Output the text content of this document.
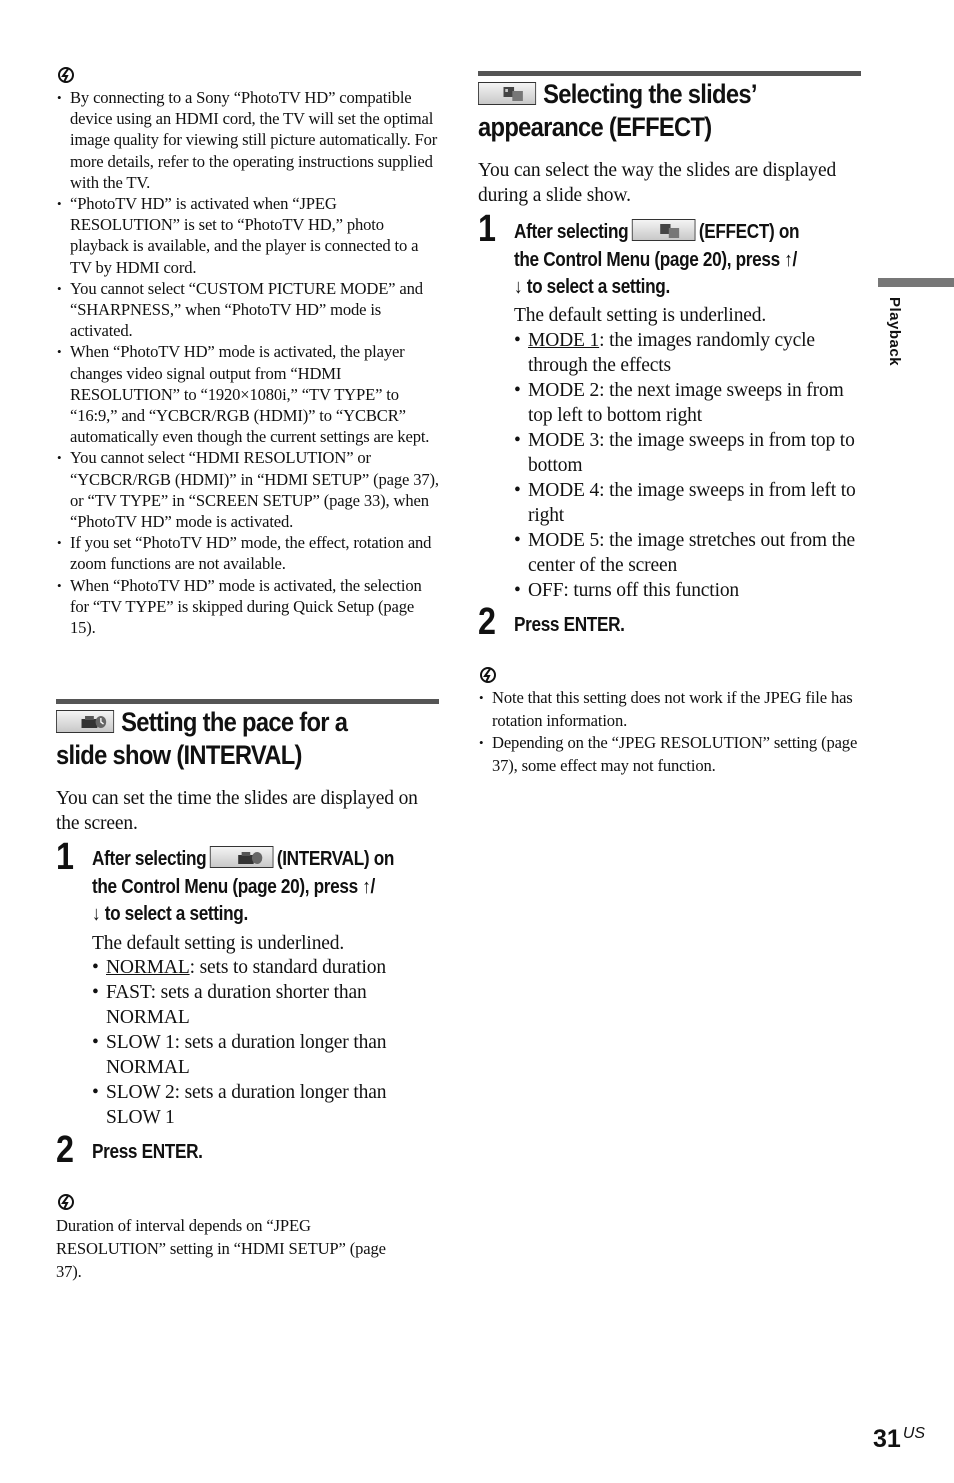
• By connecting to a Sony “PhotoTV HD” compatible device using an HDMI cord, the TV will set the optimal image quality for viewing still picture automatically. For more details, refer to the operating instructions supplied with the TV.
• “PhotoTV HD” is activated when “JPEG RESOLUTION” is set to “PhotoTV HD,” photo playback is available, and the player is connected to a TV by HDMI cord.
• You cannot select “CUSTOM PICTURE MODE” and “SHARPNESS,” when “PhotoTV HD” mode is activated.
• When “PhotoTV HD” mode is activated, the player changes video signal output from “HDMI RESOLUTION” to “1920×1080i,” “TV TYPE” to “16:9,” and “YCBCR/RGB (HDMI)” to “YCBCR” automatically even though the current settings are kept.
• You cannot select “HDMI RESOLUTION” or “YCBCR/RGB (HDMI)” in “HDMI SETUP” (page 37), or “TV TYPE” in “SCREEN SETUP” (page 33), when “PhotoTV HD” mode is activated.
• If you set “PhotoTV HD” mode, the effect, rotation and zoom functions are not available.
• When “PhotoTV HD” mode is activated, the selection for “TV TYPE” is skipped during Quick Setup (page 15).
Setting the pace for a
slide show (INTERVAL)

You can set the time the slides are displayed on the screen.

1 After selecting	(INTERVAL) on
the Control Menu (page 20), press ↑/
↓ to select a setting.

The default setting is underlined.

• NORMAL: sets to standard duration
• FAST: sets a duration shorter than NORMAL
• SLOW 1: sets a duration longer than NORMAL
• SLOW 2: sets a duration longer than SLOW 1
2 Press ENTER.

Duration of interval depends on “JPEG RESOLUTION” setting in “HDMI SETUP” (page 37).

Selecting the slides’
appearance (EFFECT)

You can select the way the slides are displayed during a slide show.

1 After selecting	(EFFECT) on
the Control Menu (page 20), press ↑/
↓ to select a setting.

The default setting is underlined.

• MODE 1: the images randomly cycle through the effects
• MODE 2: the next image sweeps in from top left to bottom right
• MODE 3: the image sweeps in from top to bottom
• MODE 4: the image sweeps in from left to right
• MODE 5: the image stretches out from the center of the screen
• OFF: turns off this function
2 Press ENTER.

• Note that this setting does not work if the JPEG file has rotation information.
• Depending on the “JPEG RESOLUTION” setting (page 37), some effect may not function.
Playback
31 US
